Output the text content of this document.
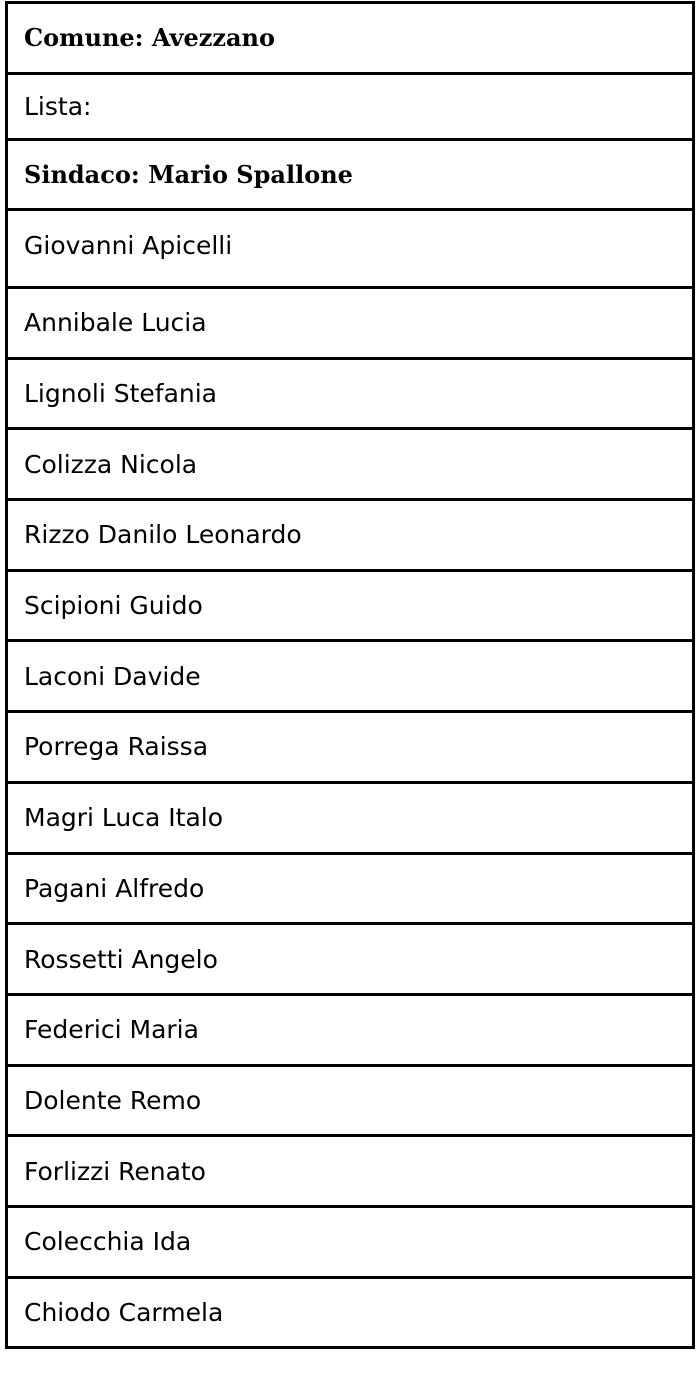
Comune: Avezzano
Lista:
Sindaco: Mario Spallone
Giovanni Apicelli
Annibale Lucia
Lignoli Stefania
Colizza Nicola
Rizzo Danilo Leonardo
Scipioni Guido
Laconi Davide
Porrega Raissa
Magri Luca Italo
Pagani Alfredo
Rossetti Angelo
Federici Maria
Dolente Remo
Forlizzi Renato
Colecchia Ida
Chiodo Carmela
